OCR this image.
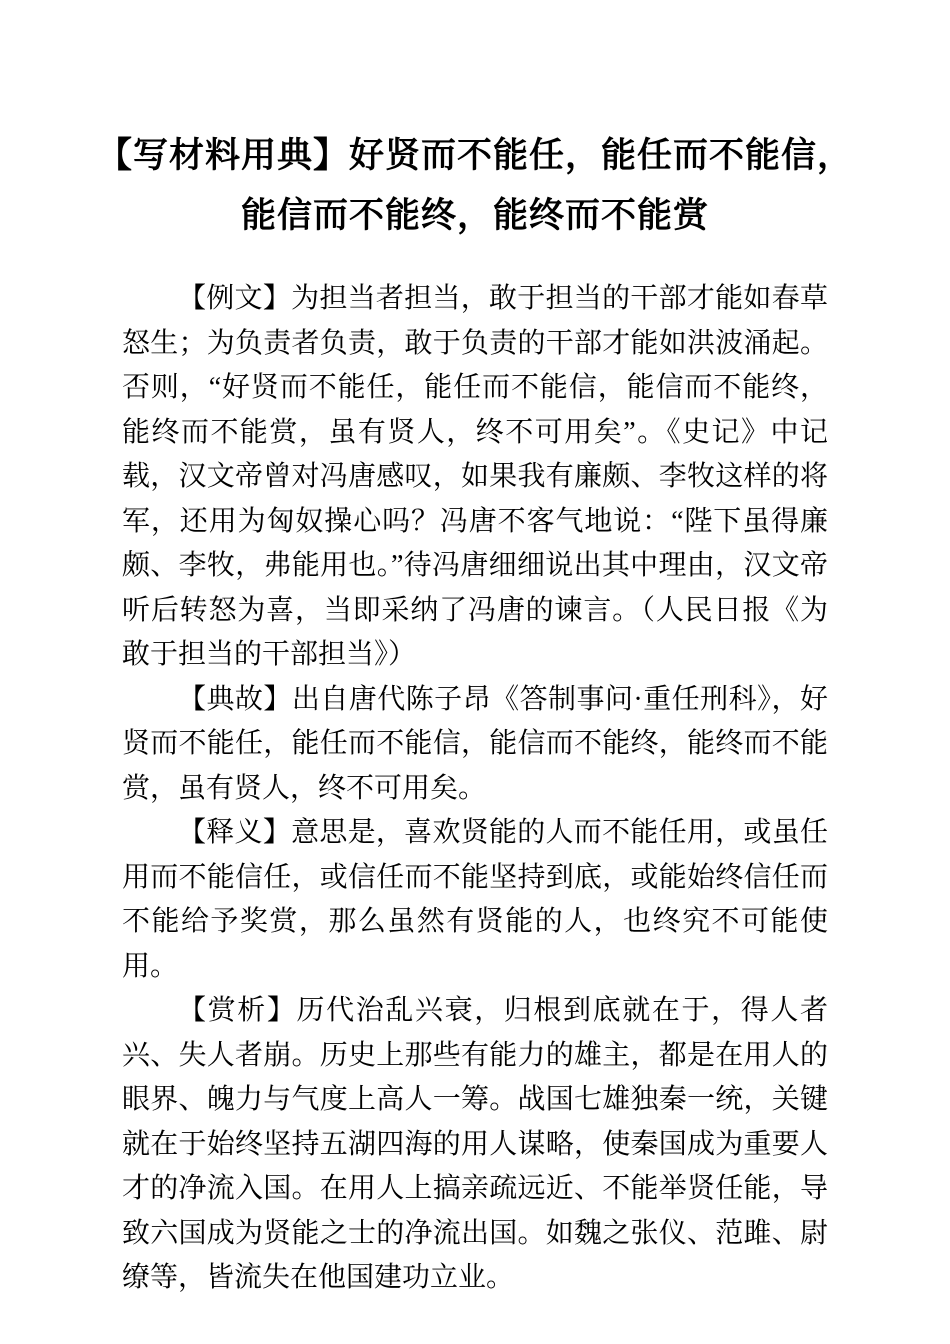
【写材料用典】好贤而不能任，能任而不能信，
能信而不能终，能终而不能赏

【例文】为担当者担当，敢于担当的干部才能如春草怒生；为负责者负责，敢于负责的干部才能如洪波涌起。否则，“好贤而不能任，能任而不能信，能信而不能终，能终而不能赏，虽有贤人，终不可用矣”。《史记》中记载，汉文帝曾对冯唐感叹，如果我有廉颇、李牧这样的将军，还用为匈奴操心吗？冯唐不客气地说：“陛下虽得廉颇、李牧，弗能用也。”待冯唐细细说出其中理由，汉文帝听后转怒为喜，当即采纳了冯唐的谏言。（人民日报《为敢于担当的干部担当》）

【典故】出自唐代陈子昂《答制事问·重任刑科》，好贤而不能任，能任而不能信，能信而不能终，能终而不能赏，虽有贤人，终不可用矣。

【释义】意思是，喜欢贤能的人而不能任用，或虽任用而不能信任，或信任而不能坚持到底，或能始终信任而不能给予奖赏，那么虽然有贤能的人，也终究不可能使用。

【赏析】历代治乱兴衰，归根到底就在于，得人者兴、失人者崩。历史上那些有能力的雄主，都是在用人的眼界、魄力与气度上高人一筹。战国七雄独秦一统，关键就在于始终坚持五湖四海的用人谋略，使秦国成为重要人才的净流入国。在用人上搞亲疏远近、不能举贤任能，导致六国成为贤能之士的净流出国。如魏之张仪、范雎、尉缭等，皆流失在他国建功立业。
